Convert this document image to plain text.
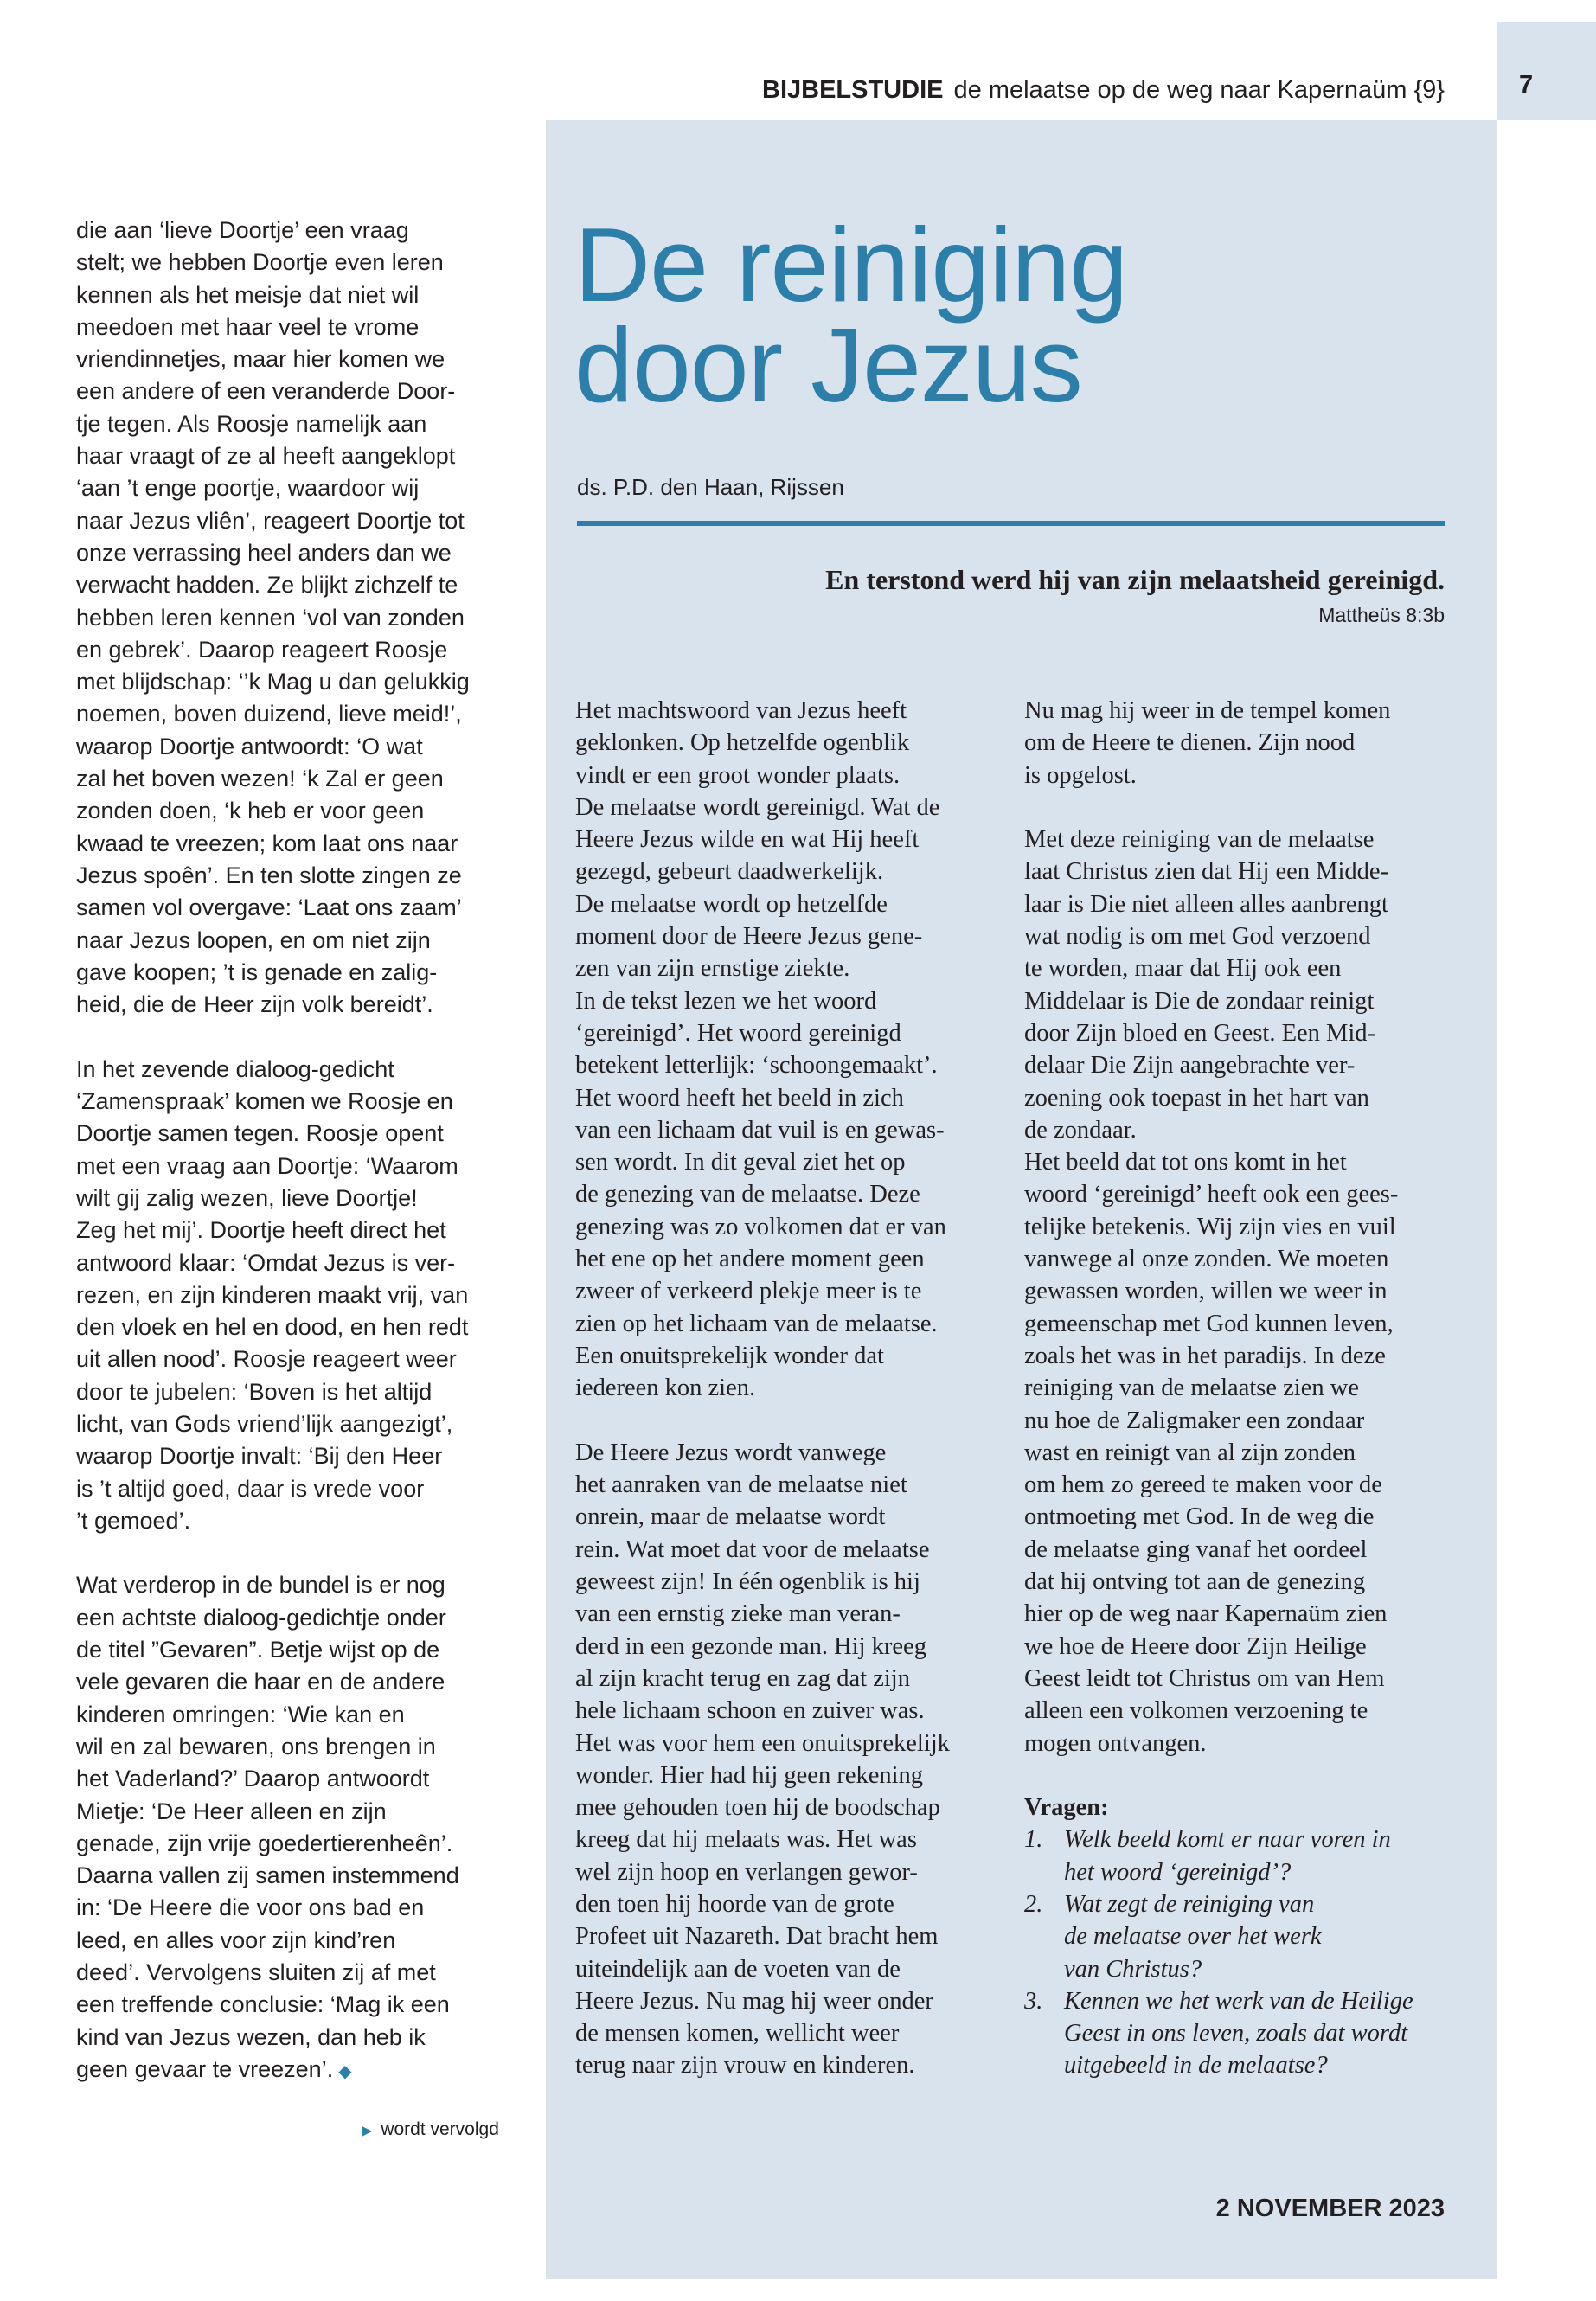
7
BIJBELSTUDIE de melaatse op de weg naar Kapernaüm {9}

die aan ‘lieve Doortje’ een vraag
stelt; we hebben Doortje even leren
kennen als het meisje dat niet wil
meedoen met haar veel te vrome
vriendinnetjes, maar hier komen we
een andere of een veranderde Door-
tje tegen. Als Roosje namelijk aan
haar vraagt of ze al heeft aangeklopt
‘aan ’t enge poortje, waardoor wij
naar Jezus vliên’, reageert Doortje tot
onze verrassing heel anders dan we
verwacht hadden. Ze blijkt zichzelf te
hebben leren kennen ‘vol van zonden
en gebrek’. Daarop reageert Roosje
met blijdschap: ‘’k Mag u dan gelukkig
noemen, boven duizend, lieve meid!’,
waarop Doortje antwoordt: ‘O wat
zal het boven wezen! ‘k Zal er geen
zonden doen, ‘k heb er voor geen
kwaad te vreezen; kom laat ons naar
Jezus spoên’. En ten slotte zingen ze
samen vol overgave: ‘Laat ons zaam’
naar Jezus loopen, en om niet zijn
gave koopen; ’t is genade en zalig-
heid, die de Heer zijn volk bereidt’.

In het zevende dialoog-gedicht
‘Zamenspraak’ komen we Roosje en
Doortje samen tegen. Roosje opent
met een vraag aan Doortje: ‘Waarom
wilt gij zalig wezen, lieve Doortje!
Zeg het mij’. Doortje heeft direct het
antwoord klaar: ‘Omdat Jezus is ver-
rezen, en zijn kinderen maakt vrij, van
den vloek en hel en dood, en hen redt
uit allen nood’. Roosje reageert weer
door te jubelen: ‘Boven is het altijd
licht, van Gods vriend’lijk aangezigt’,
waarop Doortje invalt: ‘Bij den Heer
is ’t altijd goed, daar is vrede voor
’t gemoed’.

Wat verderop in de bundel is er nog
een achtste dialoog-gedichtje onder
de titel ”Gevaren”. Betje wijst op de
vele gevaren die haar en de andere
kinderen omringen: ‘Wie kan en
wil en zal bewaren, ons brengen in
het Vaderland?’ Daarop antwoordt
Mietje: ‘De Heer alleen en zijn
genade, zijn vrije goedertierenheên’.
Daarna vallen zij samen instemmend
in: ‘De Heere die voor ons bad en
leed, en alles voor zijn kind’ren
deed’. Vervolgens sluiten zij af met
een treffende conclusie: ‘Mag ik een
kind van Jezus wezen, dan heb ik
geen gevaar te vreezen’. ◆

▶ wordt vervolgd
De reiniging
door Jezus
ds. P.D. den Haan, Rijssen
En terstond werd hij van zijn melaatsheid gereinigd.
Mattheüs 8:3b

Het machtswoord van Jezus heeft
geklonken. Op hetzelfde ogenblik
vindt er een groot wonder plaats.
De melaatse wordt gereinigd. Wat de
Heere Jezus wilde en wat Hij heeft
gezegd, gebeurt daadwerkelijk.
De melaatse wordt op hetzelfde
moment door de Heere Jezus gene-
zen van zijn ernstige ziekte.
In de tekst lezen we het woord
‘gereinigd’. Het woord gereinigd
betekent letterlijk: ‘schoongemaakt’.
Het woord heeft het beeld in zich
van een lichaam dat vuil is en gewas-
sen wordt. In dit geval ziet het op
de genezing van de melaatse. Deze
genezing was zo volkomen dat er van
het ene op het andere moment geen
zweer of verkeerd plekje meer is te
zien op het lichaam van de melaatse.
Een onuitsprekelijk wonder dat
iedereen kon zien.

De Heere Jezus wordt vanwege
het aanraken van de melaatse niet
onrein, maar de melaatse wordt
rein. Wat moet dat voor de melaatse
geweest zijn! In één ogenblik is hij
van een ernstig zieke man veran-
derd in een gezonde man. Hij kreeg
al zijn kracht terug en zag dat zijn
hele lichaam schoon en zuiver was.
Het was voor hem een onuitsprekelijk
wonder. Hier had hij geen rekening
mee gehouden toen hij de boodschap
kreeg dat hij melaats was. Het was
wel zijn hoop en verlangen gewor-
den toen hij hoorde van de grote
Profeet uit Nazareth. Dat bracht hem
uiteindelijk aan de voeten van de
Heere Jezus. Nu mag hij weer onder
de mensen komen, wellicht weer
terug naar zijn vrouw en kinderen.

Nu mag hij weer in de tempel komen
om de Heere te dienen. Zijn nood
is opgelost.

Met deze reiniging van de melaatse
laat Christus zien dat Hij een Midde-
laar is Die niet alleen alles aanbrengt
wat nodig is om met God verzoend
te worden, maar dat Hij ook een
Middelaar is Die de zondaar reinigt
door Zijn bloed en Geest. Een Mid-
delaar Die Zijn aangebrachte ver-
zoening ook toepast in het hart van
de zondaar.
Het beeld dat tot ons komt in het
woord ‘gereinigd’ heeft ook een gees-
telijke betekenis. Wij zijn vies en vuil
vanwege al onze zonden. We moeten
gewassen worden, willen we weer in
gemeenschap met God kunnen leven,
zoals het was in het paradijs. In deze
reiniging van de melaatse zien we
nu hoe de Zaligmaker een zondaar
wast en reinigt van al zijn zonden
om hem zo gereed te maken voor de
ontmoeting met God. In de weg die
de melaatse ging vanaf het oordeel
dat hij ontving tot aan de genezing
hier op de weg naar Kapernaüm zien
we hoe de Heere door Zijn Heilige
Geest leidt tot Christus om van Hem
alleen een volkomen verzoening te
mogen ontvangen.

Vragen:
1. Welk beeld komt er naar voren in
het woord ‘gereinigd’?
2. Wat zegt de reiniging van
de melaatse over het werk
van Christus?
3. Kennen we het werk van de Heilige
Geest in ons leven, zoals dat wordt
uitgebeeld in de melaatse?
2 NOVEMBER 2023
